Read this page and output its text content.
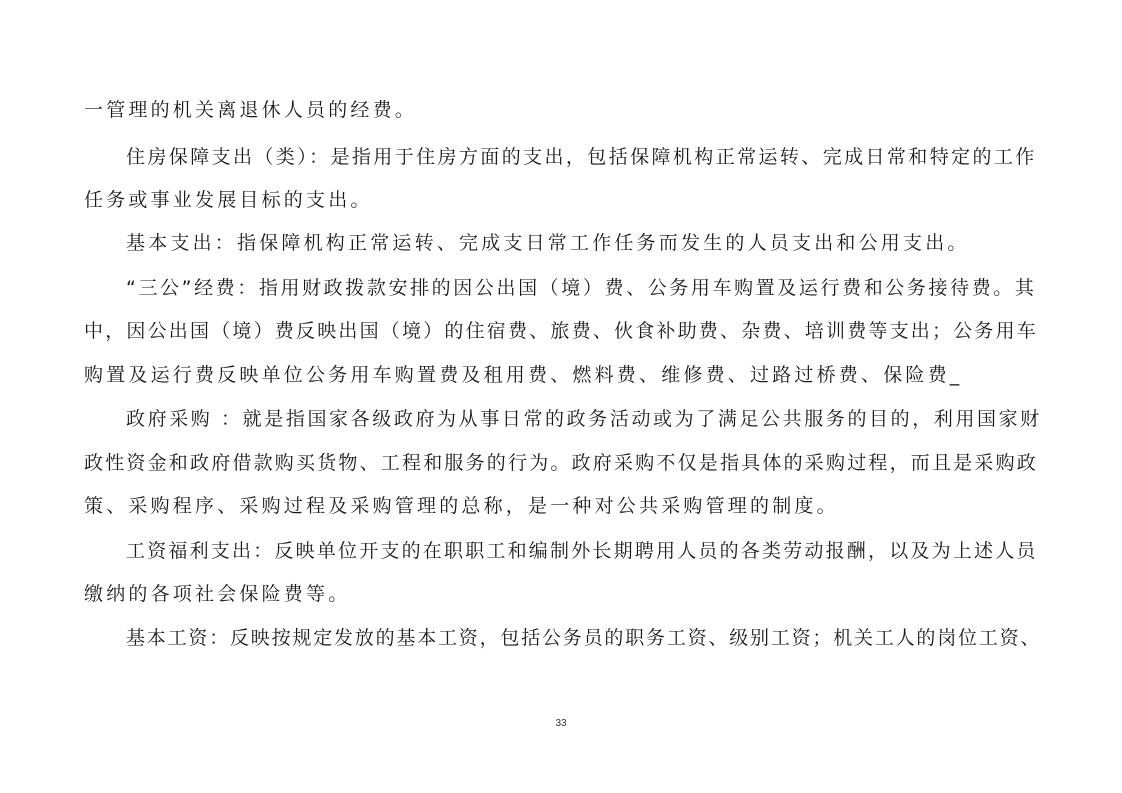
一管理的机关离退休人员的经费。
住房保障支出（类）：是指用于住房方面的支出，包括保障机构正常运转、完成日常和特定的工作
任务或事业发展目标的支出。
基本支出：指保障机构正常运转、完成支日常工作任务而发生的人员支出和公用支出。
“三公”经费：指用财政拨款安排的因公出国（境）费、公务用车购置及运行费和公务接待费。其
中，因公出国（境）费反映出国（境）的住宿费、旅费、伙食补助费、杂费、培训费等支出；公务用车
购置及运行费反映单位公务用车购置费及租用费、燃料费、维修费、过路过桥费、保险费_
政府采购 ：就是指国家各级政府为从事日常的政务活动或为了满足公共服务的目的，利用国家财
政性资金和政府借款购买货物、工程和服务的行为。政府采购不仅是指具体的采购过程，而且是采购政
策、采购程序、采购过程及采购管理的总称，是一种对公共采购管理的制度。
工资福利支出：反映单位开支的在职职工和编制外长期聘用人员的各类劳动报酬，以及为上述人员
缴纳的各项社会保险费等。
基本工资：反映按规定发放的基本工资，包括公务员的职务工资、级别工资；机关工人的岗位工资、
33
